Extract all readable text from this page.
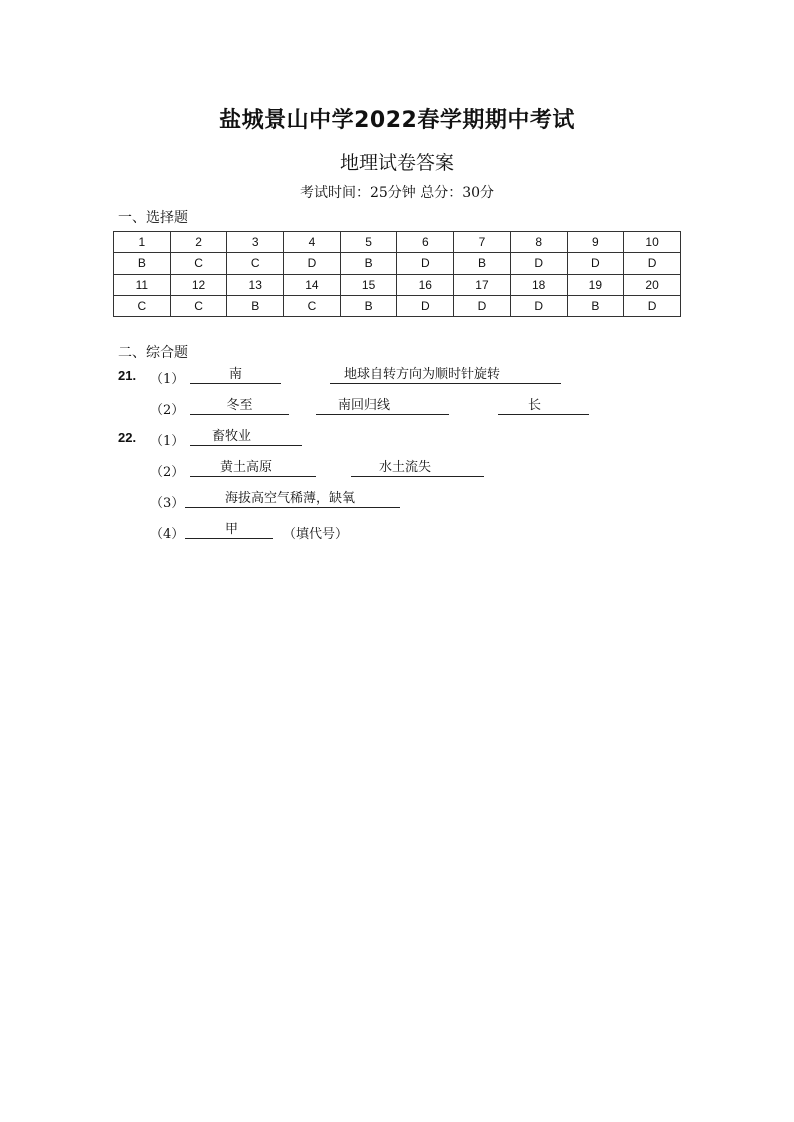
盐城景山中学2022春学期期中考试
地理试卷答案
考试时间：25分钟 总分：30分
一、选择题
1	2	3	4	5	6	7	8	9	10
B	C	C	D	B	D	B	D	D	D
11	12	13	14	15	16	17	18	19	20
C	C	B	C	B	D	D	D	B	D
二、综合题
21. （1）	南	地球自转方向为顺时针旋转
（2）	冬至	南回归线	长
22. （1）	畜牧业
（2）	黄土高原	水土流失
（3）	海拔高空气稀薄，缺氧
（4）	甲	（填代号）
